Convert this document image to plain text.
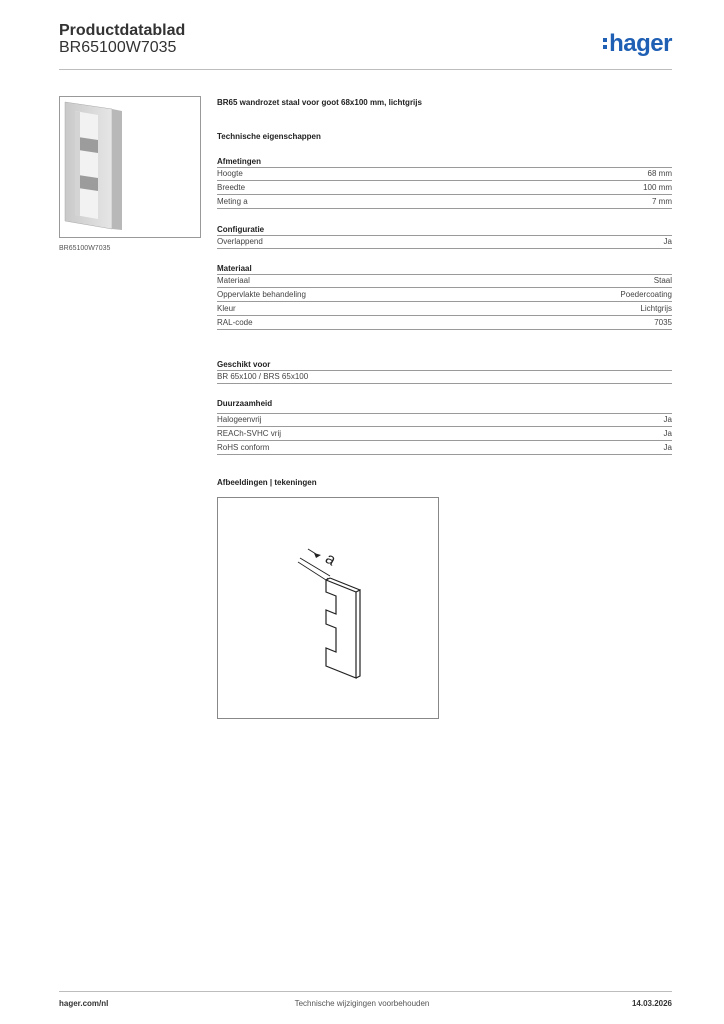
Productdatablad
BR65100W7035	hager
BR65100W7035
BR65 wandrozet staal voor goot 68x100 mm, lichtgrijs
Technische eigenschappen
Afmetingen
Hoogte	68 mm
Breedte	100 mm
Meting a	7 mm
Configuratie
Overlappend	Ja
Materiaal
Materiaal	Staal
Oppervlakte behandeling	Poedercoating
Kleur	Lichtgrijs
RAL-code	7035
Geschikt voor
BR 65x100 / BRS 65x100
Duurzaamheid
Halogeenvrij	Ja
REACh-SVHC vrij	Ja
RoHS conform	Ja
Afbeeldingen | tekeningen
a
hager.com/nl	Technische wijzigingen voorbehouden	14.03.2026
